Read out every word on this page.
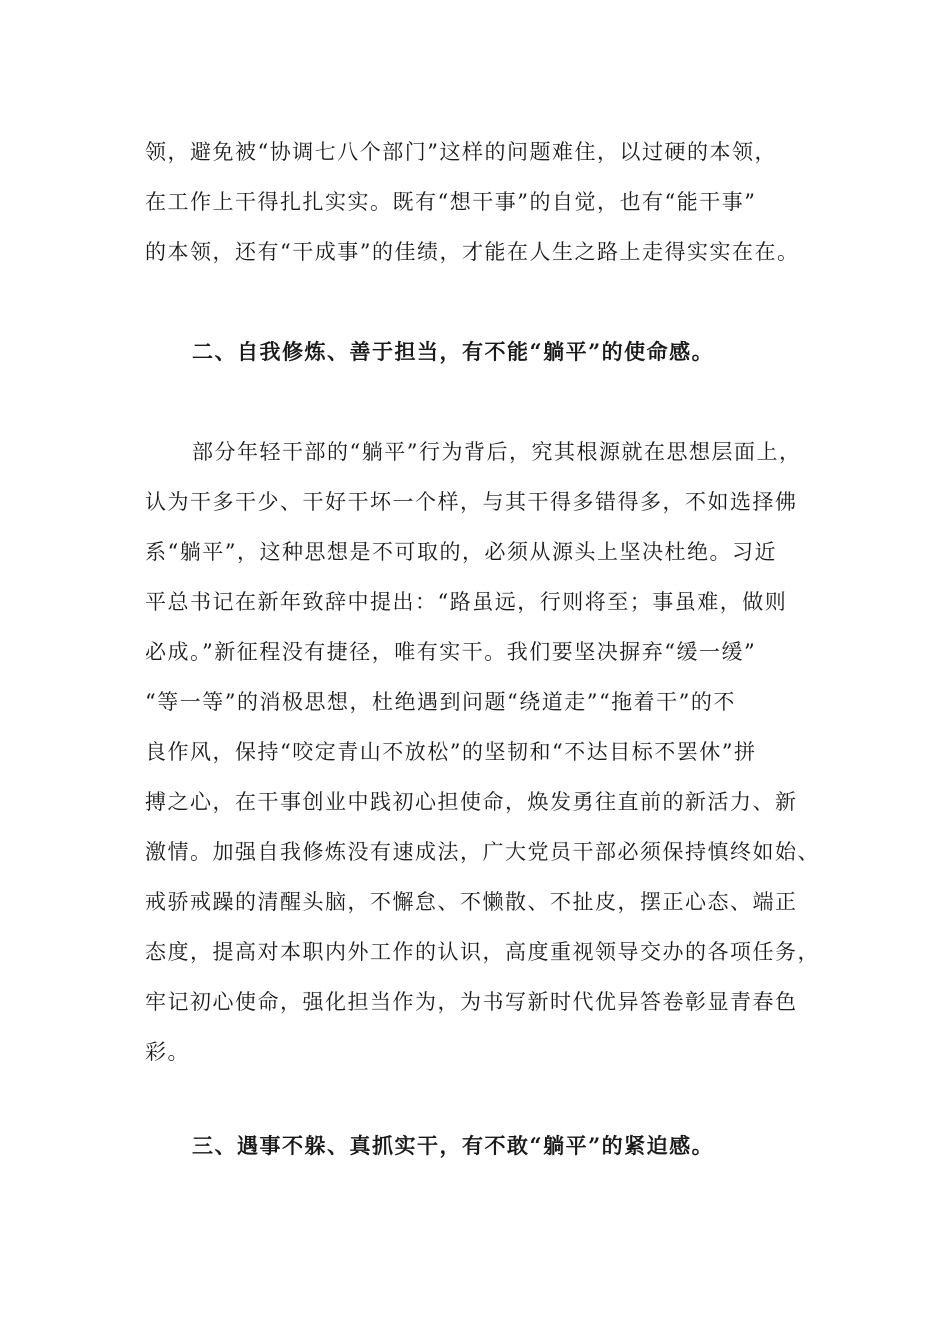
领，避免被“协调七八个部门”这样的问题难住，以过硬的本领，
在工作上干得扎扎实实。既有“想干事”的自觉，也有“能干事”
的本领，还有“干成事”的佳绩，才能在人生之路上走得实实在在。
二、自我修炼、善于担当，有不能“躺平”的使命感。
部分年轻干部的“躺平”行为背后，究其根源就在思想层面上，
认为干多干少、干好干坏一个样，与其干得多错得多，不如选择佛
系“躺平”，这种思想是不可取的，必须从源头上坚决杜绝。习近
平总书记在新年致辞中提出：“路虽远，行则将至；事虽难，做则
必成。”新征程没有捷径，唯有实干。我们要坚决摒弃“缓一缓”
“等一等”的消极思想，杜绝遇到问题“绕道走”“拖着干”的不
良作风，保持“咬定青山不放松”的坚韧和“不达目标不罢休”拼
搏之心，在干事创业中践初心担使命，焕发勇往直前的新活力、新
激情。加强自我修炼没有速成法，广大党员干部必须保持慎终如始、
戒骄戒躁的清醒头脑，不懈怠、不懒散、不扯皮，摆正心态、端正
态度，提高对本职内外工作的认识，高度重视领导交办的各项任务，
牢记初心使命，强化担当作为，为书写新时代优异答卷彰显青春色
彩。
三、遇事不躲、真抓实干，有不敢“躺平”的紧迫感。
